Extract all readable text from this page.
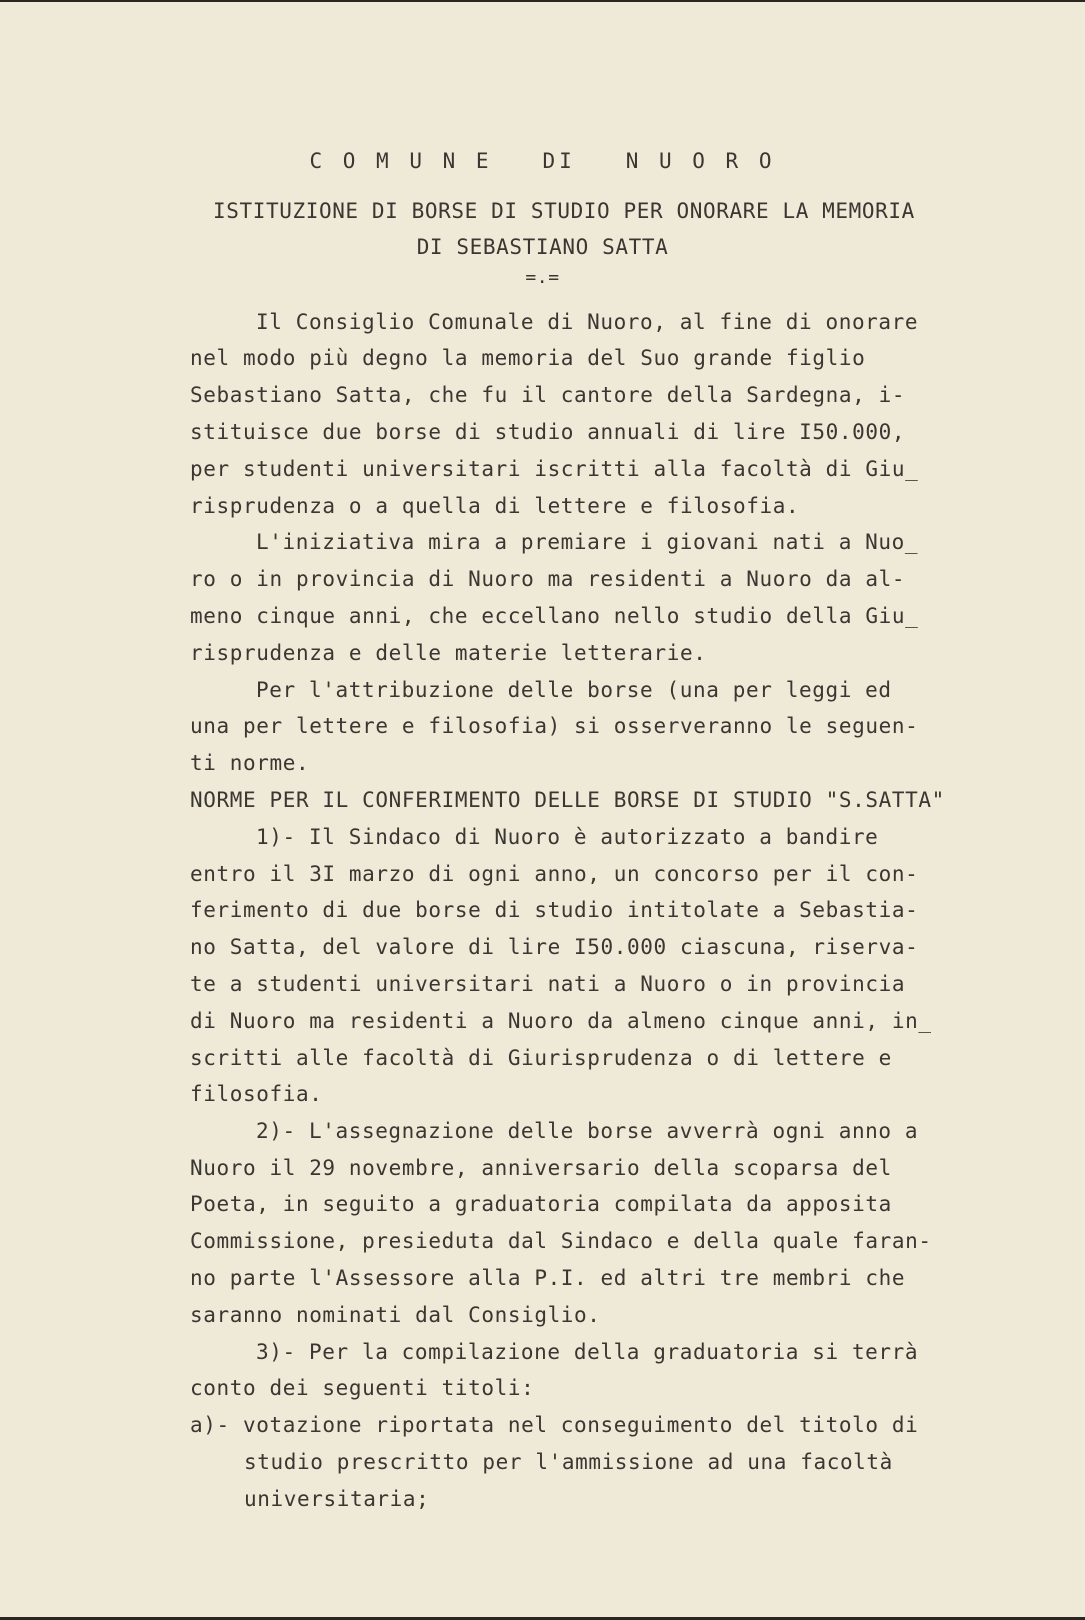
C O M U N E   DI   N U O R O
ISTITUZIONE DI BORSE DI STUDIO PER ONORARE LA MEMORIA
DI SEBASTIANO SATTA
=.=
Il Consiglio Comunale di Nuoro, al fine di onorare
nel modo più degno la memoria del Suo grande figlio
Sebastiano Satta, che fu il cantore della Sardegna, i-
stituisce due borse di studio annuali di lire I50.000,
per studenti universitari iscritti alla facoltà di Giu_
risprudenza o a quella di lettere e filosofia.
L'iniziativa mira a premiare i giovani nati a Nuo_
ro o in provincia di Nuoro ma residenti a Nuoro da al-
meno cinque anni, che eccellano nello studio della Giu_
risprudenza e delle materie letterarie.
Per l'attribuzione delle borse (una per leggi ed
una per lettere e filosofia) si osserveranno le seguen-
ti norme.
NORME PER IL CONFERIMENTO DELLE BORSE DI STUDIO "S.SATTA"
1)- Il Sindaco di Nuoro è autorizzato a bandire
entro il 3I marzo di ogni anno, un concorso per il con-
ferimento di due borse di studio intitolate a Sebastia-
no Satta, del valore di lire I50.000 ciascuna, riserva-
te a studenti universitari nati a Nuoro o in provincia
di Nuoro ma residenti a Nuoro da almeno cinque anni, in_
scritti alle facoltà di Giurisprudenza o di lettere e
filosofia.
2)- L'assegnazione delle borse avverrà ogni anno a
Nuoro il 29 novembre, anniversario della scoparsa del
Poeta, in seguito a graduatoria compilata da apposita
Commissione, presieduta dal Sindaco e della quale faran-
no parte l'Assessore alla P.I. ed altri tre membri che
saranno nominati dal Consiglio.
3)- Per la compilazione della graduatoria si terrà
conto dei seguenti titoli:
a)- votazione riportata nel conseguimento del titolo di
studio prescritto per l'ammissione ad una facoltà
universitaria;
